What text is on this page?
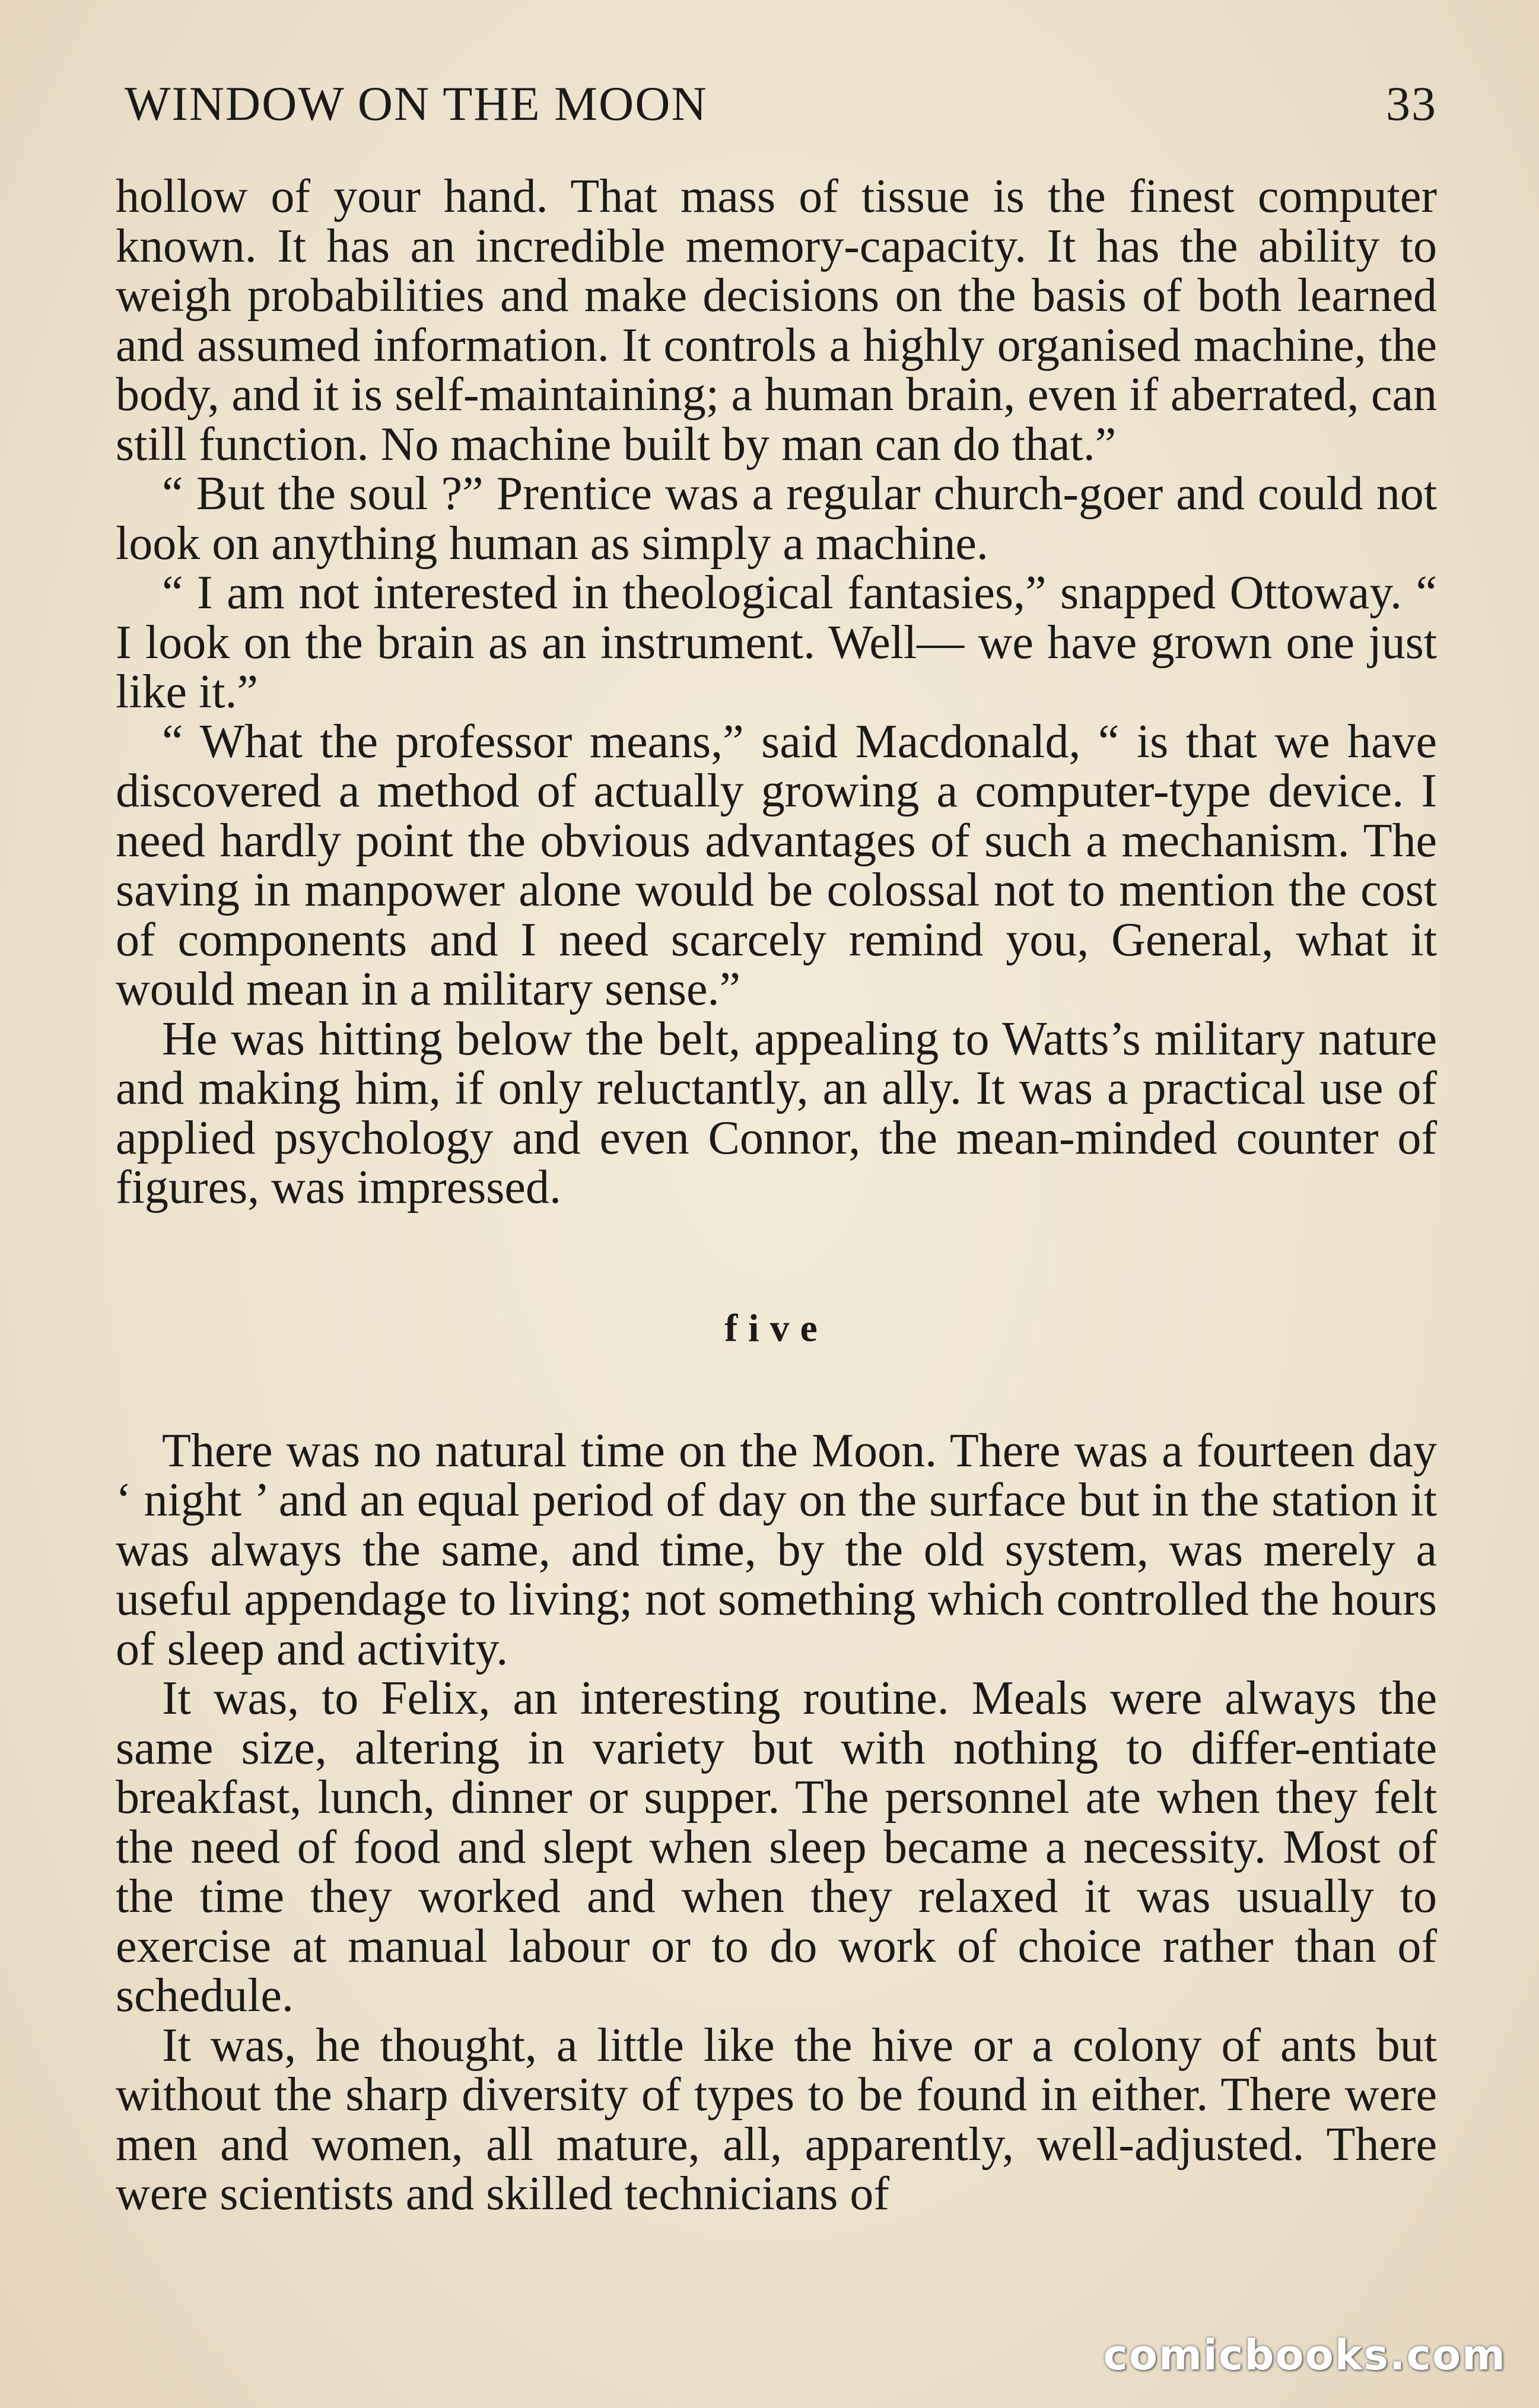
WINDOW ON THE MOON	33

hollow of your hand. That mass of tissue is the finest computer known. It has an incredible memory-capacity. It has the ability to weigh probabilities and make decisions on the basis of both learned and assumed information. It controls a highly organised machine, the body, and it is self-maintaining; a human brain, even if aberrated, can still function. No machine built by man can do that.”

“ But the soul ?” Prentice was a regular church-goer and could not look on anything human as simply a machine.

“ I am not interested in theological fantasies,” snapped Ottoway. “ I look on the brain as an instrument. Well— we have grown one just like it.”

“ What the professor means,” said Macdonald, “ is that we have discovered a method of actually growing a computer-type device. I need hardly point the obvious advantages of such a mechanism. The saving in manpower alone would be colossal not to mention the cost of components and I need scarcely remind you, General, what it would mean in a military sense.”

He was hitting below the belt, appealing to Watts’s military nature and making him, if only reluctantly, an ally. It was a practical use of applied psychology and even Connor, the mean-minded counter of figures, was impressed.

five

There was no natural time on the Moon. There was a fourteen day ‘ night ’ and an equal period of day on the surface but in the station it was always the same, and time, by the old system, was merely a useful appendage to living; not something which controlled the hours of sleep and activity.

It was, to Felix, an interesting routine. Meals were always the same size, altering in variety but with nothing to differ-entiate breakfast, lunch, dinner or supper. The personnel ate when they felt the need of food and slept when sleep became a necessity. Most of the time they worked and when they relaxed it was usually to exercise at manual labour or to do work of choice rather than of schedule.

It was, he thought, a little like the hive or a colony of ants but without the sharp diversity of types to be found in either. There were men and women, all mature, all, apparently, well-adjusted. There were scientists and skilled technicians of

comicbooks.com
